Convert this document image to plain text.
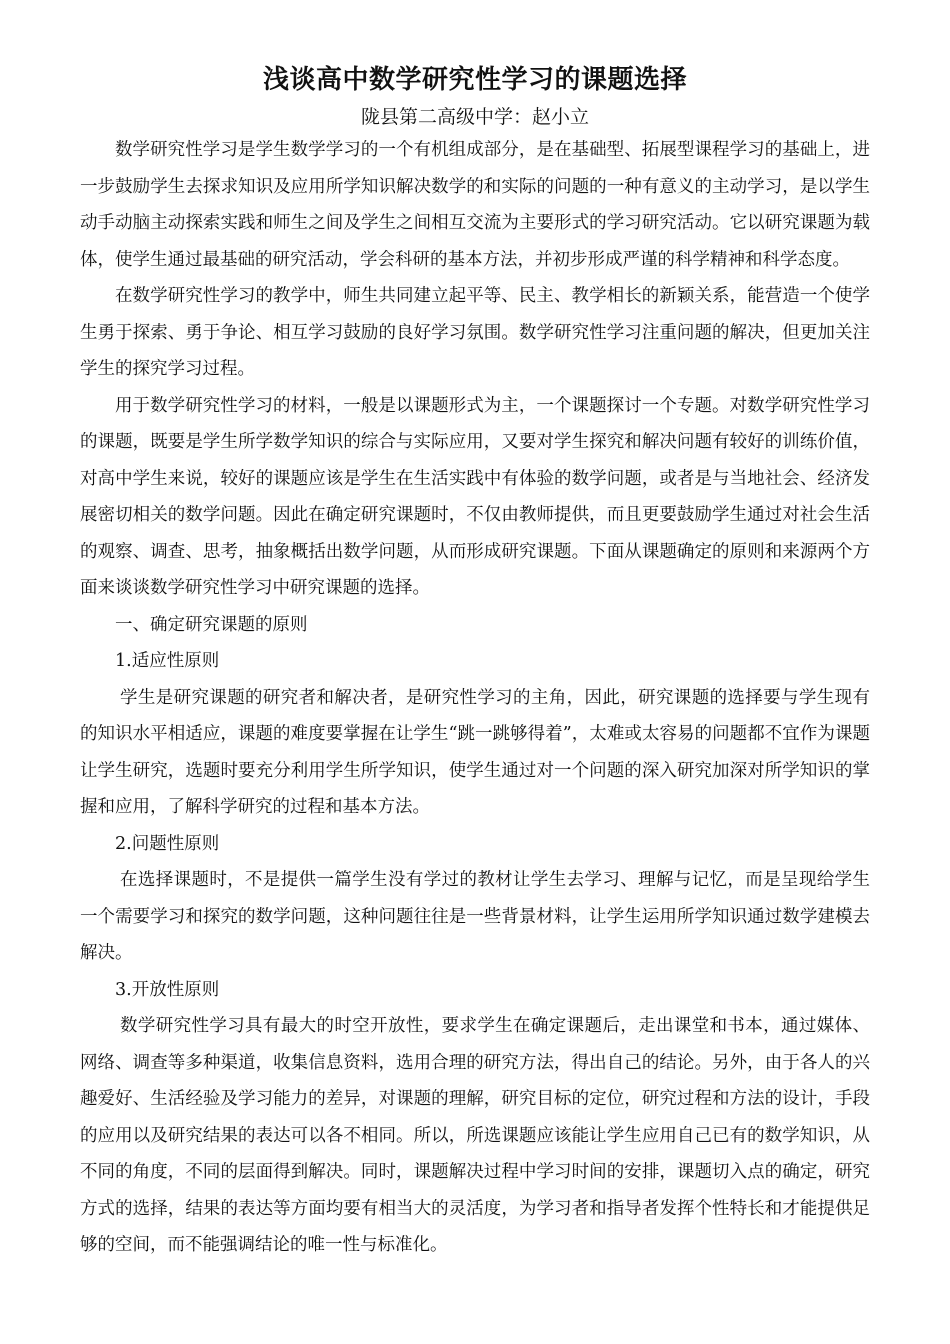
浅谈高中数学研究性学习的课题选择
陇县第二高级中学：赵小立

数学研究性学习是学生数学学习的一个有机组成部分，是在基础型、拓展型课程学习的基础上，进一步鼓励学生去探求知识及应用所学知识解决数学的和实际的问题的一种有意义的主动学习，是以学生动手动脑主动探索实践和师生之间及学生之间相互交流为主要形式的学习研究活动。它以研究课题为载体，使学生通过最基础的研究活动，学会科研的基本方法，并初步形成严谨的科学精神和科学态度。

在数学研究性学习的教学中，师生共同建立起平等、民主、教学相长的新颖关系，能营造一个使学生勇于探索、勇于争论、相互学习鼓励的良好学习氛围。数学研究性学习注重问题的解决，但更加关注学生的探究学习过程。

用于数学研究性学习的材料，一般是以课题形式为主，一个课题探讨一个专题。对数学研究性学习的课题，既要是学生所学数学知识的综合与实际应用，又要对学生探究和解决问题有较好的训练价值，对高中学生来说，较好的课题应该是学生在生活实践中有体验的数学问题，或者是与当地社会、经济发展密切相关的数学问题。因此在确定研究课题时，不仅由教师提供，而且更要鼓励学生通过对社会生活的观察、调查、思考，抽象概括出数学问题，从而形成研究课题。下面从课题确定的原则和来源两个方面来谈谈数学研究性学习中研究课题的选择。

一、确定研究课题的原则
1.适应性原则

学生是研究课题的研究者和解决者，是研究性学习的主角，因此，研究课题的选择要与学生现有的知识水平相适应，课题的难度要掌握在让学生“跳一跳够得着”，太难或太容易的问题都不宜作为课题让学生研究，选题时要充分利用学生所学知识，使学生通过对一个问题的深入研究加深对所学知识的掌握和应用，了解科学研究的过程和基本方法。

2.问题性原则

在选择课题时，不是提供一篇学生没有学过的教材让学生去学习、理解与记忆，而是呈现给学生一个需要学习和探究的数学问题，这种问题往往是一些背景材料，让学生运用所学知识通过数学建模去解决。

3.开放性原则

数学研究性学习具有最大的时空开放性，要求学生在确定课题后，走出课堂和书本，通过媒体、网络、调查等多种渠道，收集信息资料，选用合理的研究方法，得出自己的结论。另外，由于各人的兴趣爱好、生活经验及学习能力的差异，对课题的理解，研究目标的定位，研究过程和方法的设计，手段的应用以及研究结果的表达可以各不相同。所以，所选课题应该能让学生应用自己已有的数学知识，从不同的角度，不同的层面得到解决。同时，课题解决过程中学习时间的安排，课题切入点的确定，研究方式的选择，结果的表达等方面均要有相当大的灵活度，为学习者和指导者发挥个性特长和才能提供足够的空间，而不能强调结论的唯一性与标准化。
